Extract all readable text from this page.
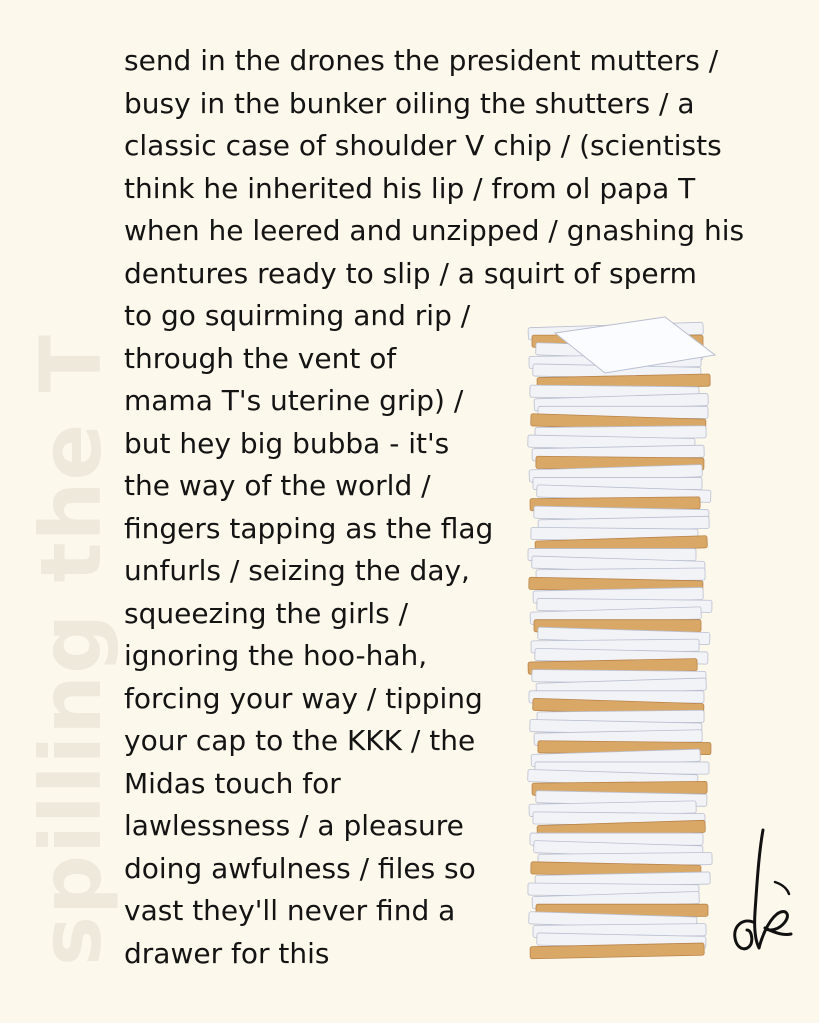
spilling the T
send in the drones the president mutters /
busy in the bunker oiling the shutters / a
classic case of shoulder V chip / (scientists
think he inherited his lip / from ol papa T
when he leered and unzipped / gnashing his
dentures ready to slip / a squirt of sperm
to go squirming and rip /
through the vent of
mama T's uterine grip) /
but hey big bubba - it's
the way of the world /
fingers tapping as the flag
unfurls / seizing the day,
squeezing the girls /
ignoring the hoo-hah,
forcing your way / tipping
your cap to the KKK / the
Midas touch for
lawlessness / a pleasure
doing awfulness / files so
vast they'll never find a
drawer for this
